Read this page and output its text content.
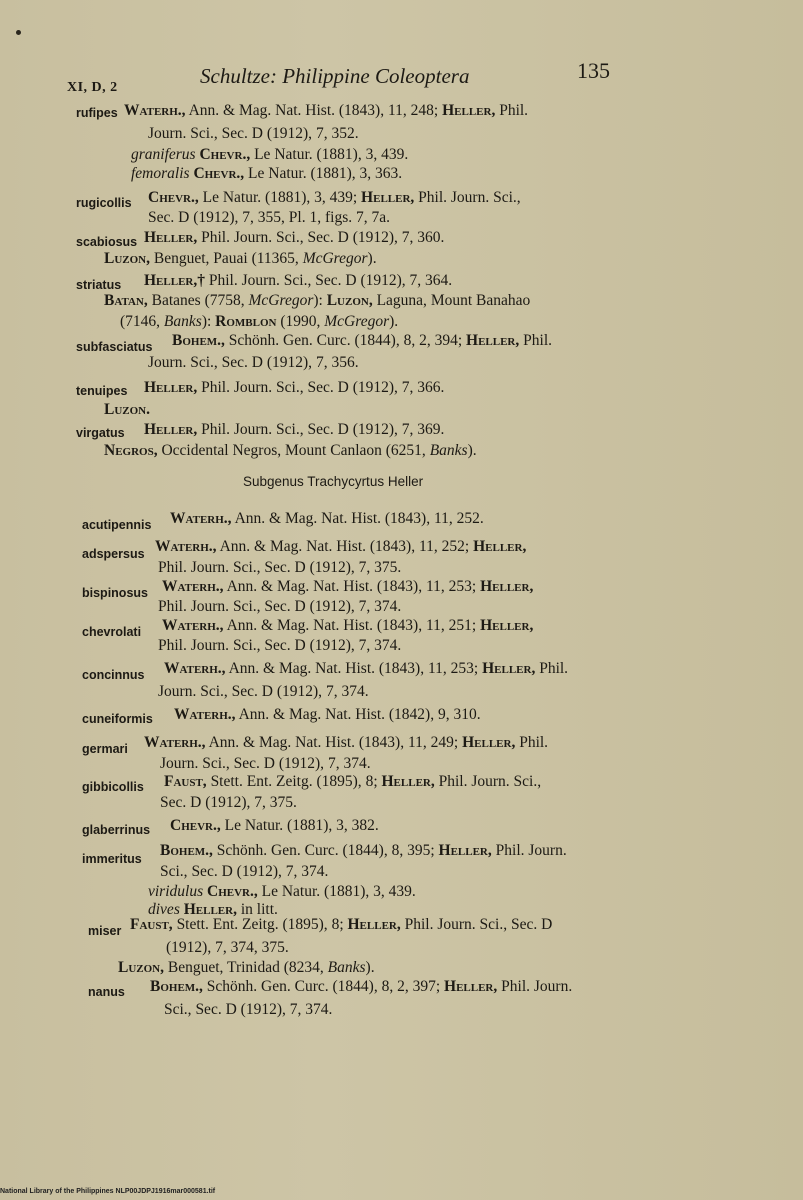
XI, D, 2	Schultze: Philippine Coleoptera	135
rufipes Waterh., Ann. & Mag. Nat. Hist. (1843), 11, 248; Heller, Phil.
Journ. Sci., Sec. D (1912), 7, 352.
graniferus Chevr., Le Natur. (1881), 3, 439.
femoralis Chevr., Le Natur. (1881), 3, 363.
rugicollis Chevr., Le Natur. (1881), 3, 439; Heller, Phil. Journ. Sci.,
Sec. D (1912), 7, 355, Pl. 1, figs. 7, 7a.
scabiosus Heller, Phil. Journ. Sci., Sec. D (1912), 7, 360.
Luzon, Benguet, Pauai (11365, McGregor).
striatus Heller,† Phil. Journ. Sci., Sec. D (1912), 7, 364.
Batan, Batanes (7758, McGregor): Luzon, Laguna, Mount Banahao
(7146, Banks): Romblon (1990, McGregor).
subfasciatus Bohem., Schönh. Gen. Curc. (1844), 8, 2, 394; Heller, Phil.
Journ. Sci., Sec. D (1912), 7, 356.
tenuipes Heller, Phil. Journ. Sci., Sec. D (1912), 7, 366.
Luzon.
virgatus Heller, Phil. Journ. Sci., Sec. D (1912), 7, 369.
Negros, Occidental Negros, Mount Canlaon (6251, Banks).
Subgenus Trachycyrtus Heller
acutipennis Waterh., Ann. & Mag. Nat. Hist. (1843), 11, 252.
adspersus Waterh., Ann. & Mag. Nat. Hist. (1843), 11, 252; Heller,
Phil. Journ. Sci., Sec. D (1912), 7, 375.
bispinosus Waterh., Ann. & Mag. Nat. Hist. (1843), 11, 253; Heller,
Phil. Journ. Sci., Sec. D (1912), 7, 374.
chevrolati Waterh., Ann. & Mag. Nat. Hist. (1843), 11, 251; Heller,
Phil. Journ. Sci., Sec. D (1912), 7, 374.
concinnus Waterh., Ann. & Mag. Nat. Hist. (1843), 11, 253; Heller, Phil.
Journ. Sci., Sec. D (1912), 7, 374.
cuneiformis Waterh., Ann. & Mag. Nat. Hist. (1842), 9, 310.
germari Waterh., Ann. & Mag. Nat. Hist. (1843), 11, 249; Heller, Phil.
Journ. Sci., Sec. D (1912), 7, 374.
gibbicollis Faust, Stett. Ent. Zeitg. (1895), 8; Heller, Phil. Journ. Sci.,
Sec. D (1912), 7, 375.
glaberrinus Chevr., Le Natur. (1881), 3, 382.
immeritus Bohem., Schönh. Gen. Curc. (1844), 8, 395; Heller, Phil. Journ.
Sci., Sec. D (1912), 7, 374.
viridulus Chevr., Le Natur. (1881), 3, 439.
dives Heller, in litt.
miser Faust, Stett. Ent. Zeitg. (1895), 8; Heller, Phil. Journ. Sci., Sec. D
(1912), 7, 374, 375.
Luzon, Benguet, Trinidad (8234, Banks).
nanus Bohem., Schönh. Gen. Curc. (1844), 8, 2, 397; Heller, Phil. Journ.
Sci., Sec. D (1912), 7, 374.
National Library of the Philippines NLP00JDPJ1916mar000581.tif
